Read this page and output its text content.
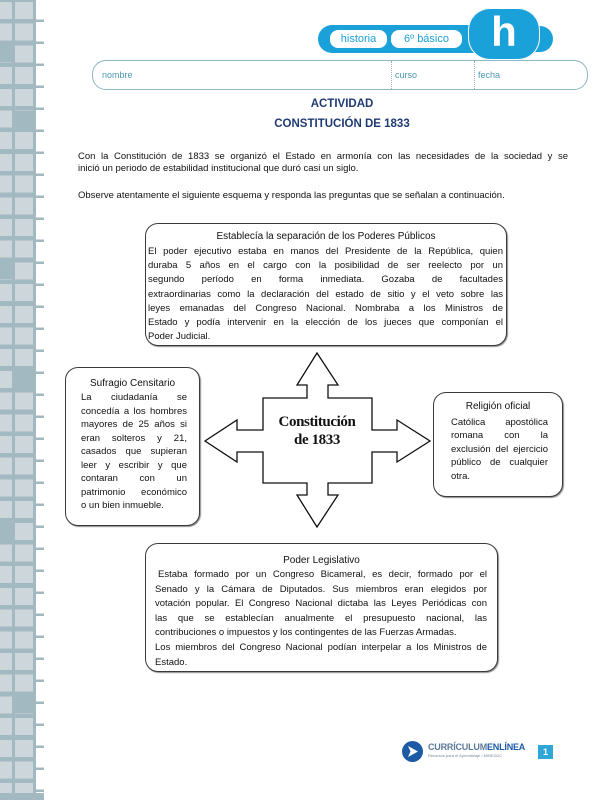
historia	6º básico	h
nombre	curso	fecha
ACTIVIDAD
CONSTITUCIÓN DE 1833
Con la Constitución de 1833 se organizó el Estado en armonía con las necesidades de la sociedad y se
inició un periodo de estabilidad institucional que duró casi un siglo.
Observe atentamente el siguiente esquema y responda las preguntas que se señalan a continuación.
Establecía la separación de los Poderes Públicos
El poder ejecutivo estaba en manos del Presidente de la República, quien
duraba 5 años en el cargo con la posibilidad de ser reelecto por un
segundo período en forma inmediata. Gozaba de facultades
extraordinarias como la declaración del estado de sitio y el veto sobre las
leyes emanadas del Congreso Nacional. Nombraba a los Ministros de
Estado y podía intervenir en la elección de los jueces que componían el
Poder Judicial.
Sufragio Censitario
La ciudadanía se
concedía a los hombres
mayores de 25 años si
eran solteros y 21,
casados que supieran
leer y escribir y que
contaran con un
patrimonio económico
o un bien inmueble.
Religión oficial
Católica apostólica
romana con la
exclusión del ejercicio
público de cualquier
otra.
Constitución
de 1833
Poder Legislativo
Estaba formado por un Congreso Bicameral, es decir, formado por el
Senado y la Cámara de Diputados. Sus miembros eran elegidos por
votación popular. El Congreso Nacional dictaba las Leyes Periódicas con
las que se establecían anualmente el presupuesto nacional, las
contribuciones o impuestos y los contingentes de las Fuerzas Armadas.
Los miembros del Congreso Nacional podían interpelar a los Ministros de
Estado.
CURRÍCULUMENLÍNEA
Recursos para el Aprendizaje / MINEDUC	1
